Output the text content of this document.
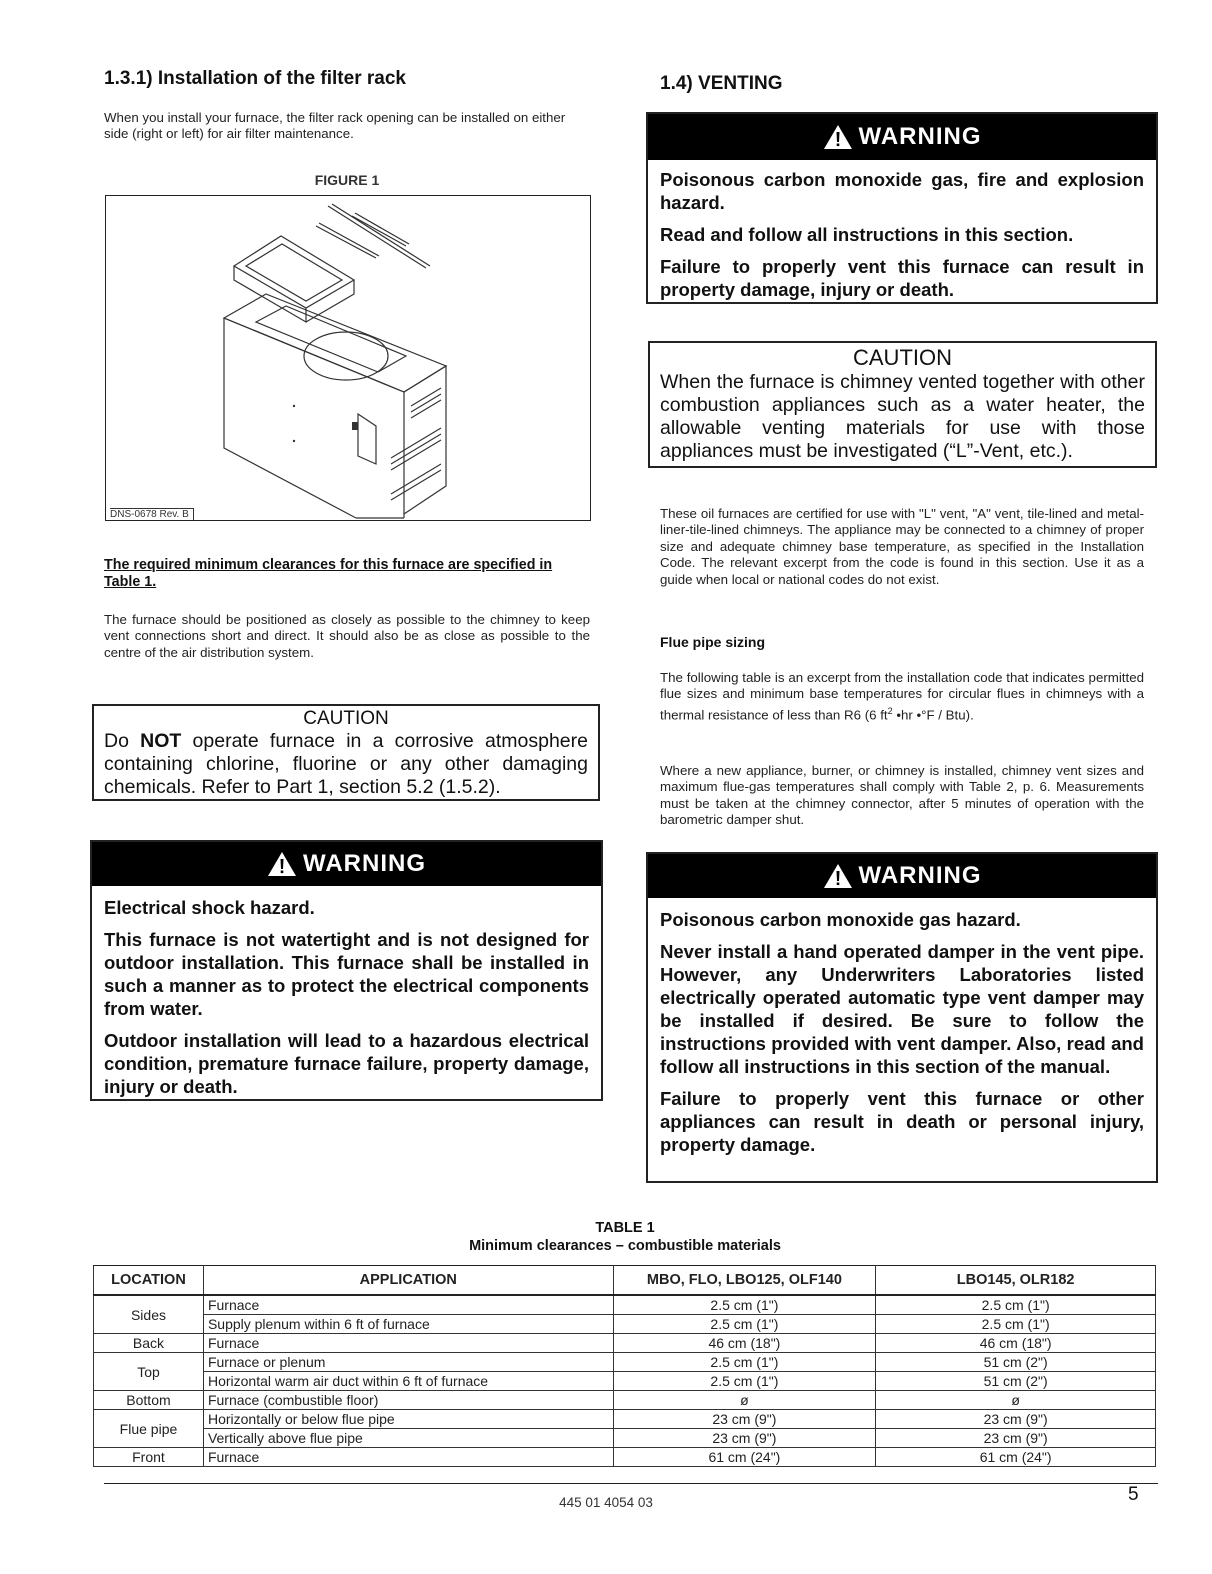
1.3.1) Installation of the filter rack
When you install your furnace, the filter rack opening can be installed on either side (right or left) for air filter maintenance.
FIGURE 1
DNS-0678 Rev. B
The required minimum clearances for this furnace are specified in Table 1.
The furnace should be positioned as closely as possible to the chimney to keep vent connections short and direct. It should also be as close as possible to the centre of the air distribution system.
CAUTION
Do NOT operate furnace in a corrosive atmosphere containing chlorine, fluorine or any other damaging chemicals. Refer to Part 1, section 5.2 (1.5.2).
WARNING

Electrical shock hazard.

This furnace is not watertight and is not designed for outdoor installation. This furnace shall be installed in such a manner as to protect the electrical components from water.

Outdoor installation will lead to a hazardous electrical condition, premature furnace failure, property damage, injury or death.

1.4) VENTING
WARNING

Poisonous carbon monoxide gas, fire and explosion hazard.

Read and follow all instructions in this section.

Failure to properly vent this furnace can result in property damage, injury or death.

CAUTION
When the furnace is chimney vented together with other combustion appliances such as a water heater, the allowable venting materials for use with those appliances must be investigated (“L”-Vent, etc.).
These oil furnaces are certified for use with "L" vent, "A" vent, tile-lined and metal-liner-tile-lined chimneys. The appliance may be connected to a chimney of proper size and adequate chimney base temperature, as specified in the Installation Code. The relevant excerpt from the code is found in this section. Use it as a guide when local or national codes do not exist.
Flue pipe sizing
The following table is an excerpt from the installation code that indicates permitted flue sizes and minimum base temperatures for circular flues in chimneys with a thermal resistance of less than R6 (6 $ft^2$ •hr •°F / Btu).
Where a new appliance, burner, or chimney is installed, chimney vent sizes and maximum flue-gas temperatures shall comply with Table 2, p. 6. Measurements must be taken at the chimney connector, after 5 minutes of operation with the barometric damper shut.
WARNING

Poisonous carbon monoxide gas hazard.

Never install a hand operated damper in the vent pipe. However, any Underwriters Laboratories listed electrically operated automatic type vent damper may be installed if desired. Be sure to follow the instructions provided with vent damper. Also, read and follow all instructions in this section of the manual.

Failure to properly vent this furnace or other appliances can result in death or personal injury, property damage.

TABLE 1
Minimum clearances – combustible materials
LOCATION	APPLICATION	MBO, FLO, LBO125, OLF140	LBO145, OLR182
Sides	Furnace	2.5 cm (1")	2.5 cm (1")
	Supply plenum within 6 ft of furnace	2.5 cm (1")	2.5 cm (1")
Back	Furnace	46 cm (18")	46 cm (18")
Top	Furnace or plenum	2.5 cm (1")	51 cm (2")
	Horizontal warm air duct within 6 ft of furnace	2.5 cm (1")	51 cm (2")
Bottom	Furnace (combustible floor)	ø	ø
Flue pipe	Horizontally or below flue pipe	23 cm (9")	23 cm (9")
	Vertically above flue pipe	23 cm (9")	23 cm (9")
Front	Furnace	61 cm (24")	61 cm (24")
445 01 4054 03	5
